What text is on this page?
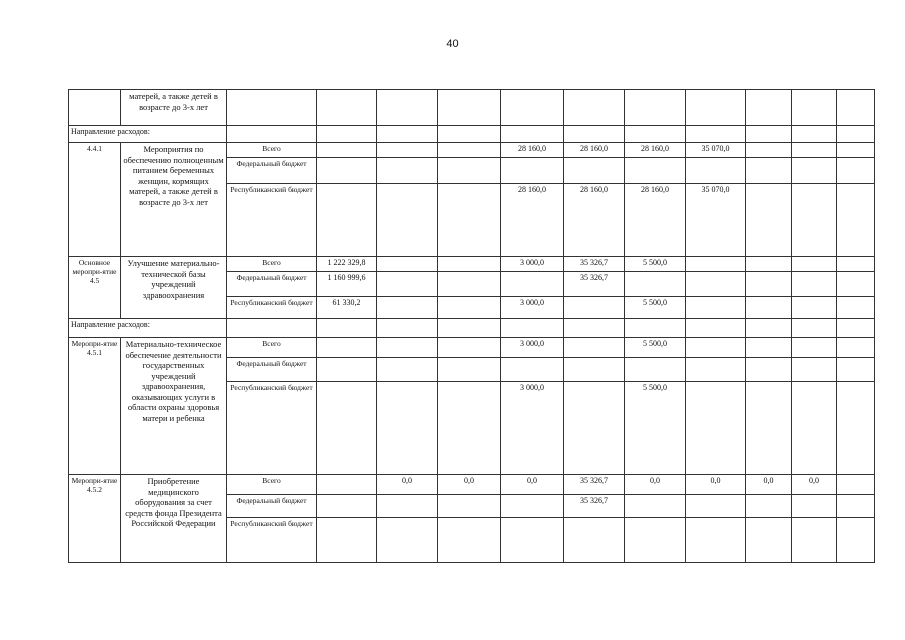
40
	матерей, а также детей в возрасте до 3-х лет											
Направление расходов:												
4.4.1	Мероприятия по обеспечению полноценным питанием беременных женщин, кормящих матерей, а также детей в возрасте до 3-х лет	Всего				28 160,0	28 160,0	28 160,0	35 070,0			
		Федеральный бюджет										
		Республиканский бюджет				28 160,0	28 160,0	28 160,0	35 070,0			
Основное меропри-ятие 4.5	Улучшение материально-технической базы учреждений здравоохранения	Всего	1 222 329,8			3 000,0	35 326,7	5 500,0				
		Федеральный бюджет	1 160 999,6				35 326,7					
		Республиканский бюджет	61 330,2			3 000,0		5 500,0				
Направление расходов:												
Меропри-ятие 4.5.1	Материально-техническое обеспечение деятельности государственных учреждений здравоохранения, оказывающих услуги в области охраны здоровья матери и ребенка	Всего				3 000,0		5 500,0				
		Федеральный бюджет										
		Республиканский бюджет				3 000,0		5 500,0				
Меропри-ятие 4.5.2	Приобретение медицинского оборудования за счет средств фонда Президента Российской Федерации	Всего		0,0	0,0	0,0	35 326,7	0,0	0,0	0,0	0,0	
		Федеральный бюджет					35 326,7					
		Республиканский бюджет										
